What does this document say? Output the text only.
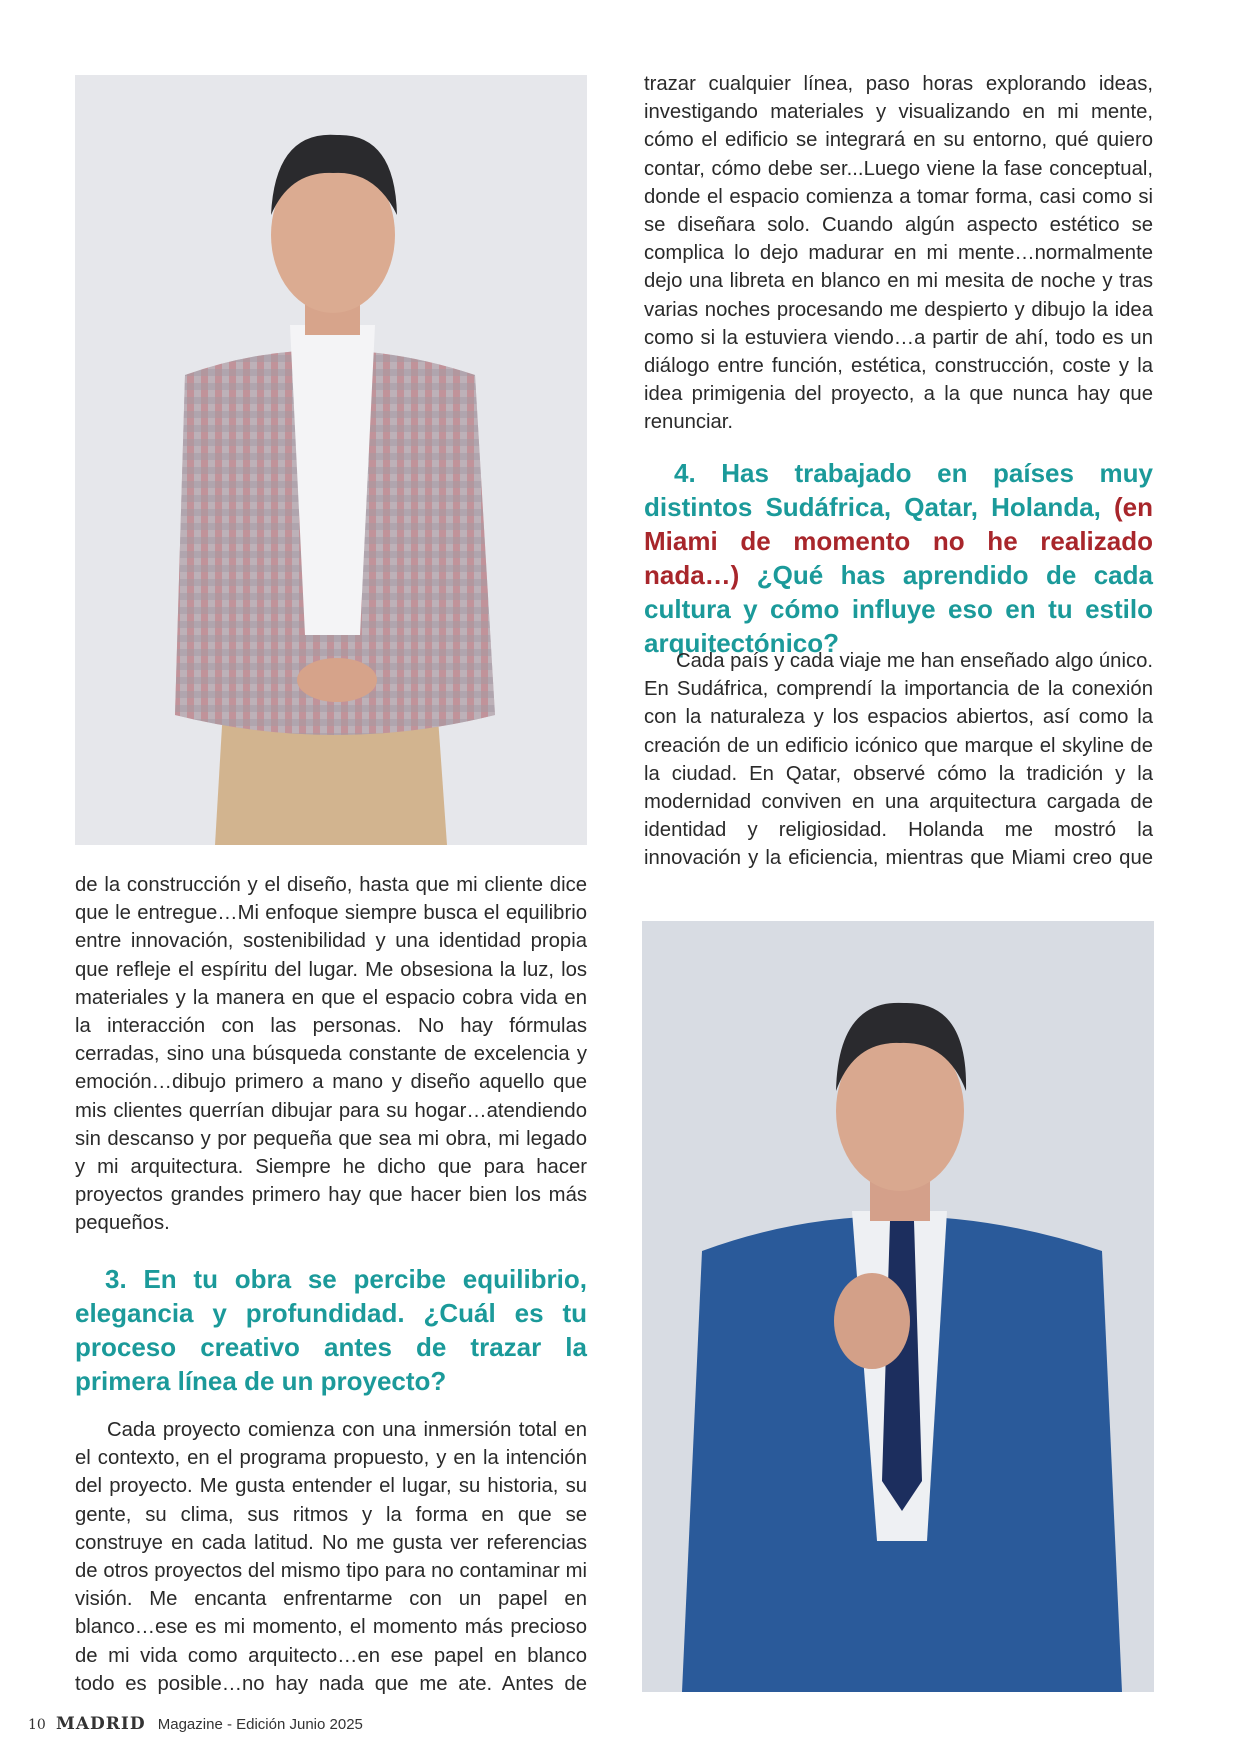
trazar cualquier línea, paso horas explorando ideas, investigando materiales y visualizando en mi mente, cómo el edificio se integrará en su entorno, qué quiero contar, cómo debe ser...Luego viene la fase conceptual, donde el espacio comienza a tomar forma, casi como si se diseñara solo. Cuando algún aspecto estético se complica lo dejo madurar en mi mente…normalmente dejo una libreta en blanco en mi mesita de noche y tras varias noches procesando me despierto y dibujo la idea como si la estuviera viendo…a partir de ahí, todo es un diálogo entre función, estética, construcción, coste y la idea primigenia del proyecto, a la que nunca hay que renunciar.

4. Has trabajado en países muy distintos Sudáfrica, Qatar, Holanda, (en Miami de momento no he realizado nada…) ¿Qué has aprendido de cada cultura y cómo influye eso en tu estilo arquitectónico?

Cada país y cada viaje me han enseñado algo único. En Sudáfrica, comprendí la importancia de la conexión con la naturaleza y los espacios abiertos, así como la creación de un edificio icónico que marque el skyline de la ciudad. En Qatar, observé cómo la tradición y la modernidad conviven en una arquitectura cargada de identidad y religiosidad. Holanda me mostró la innovación y la eficiencia, mientras que Miami creo que

de la construcción y el diseño, hasta que mi cliente dice que le entregue…Mi enfoque siempre busca el equilibrio entre innovación, sostenibilidad y una identidad propia que refleje el espíritu del lugar. Me obsesiona la luz, los materiales y la manera en que el espacio cobra vida en la interacción con las personas. No hay fórmulas cerradas, sino una búsqueda constante de excelencia y emoción…dibujo primero a mano y diseño aquello que mis clientes querrían dibujar para su hogar…atendiendo sin descanso y por pequeña que sea mi obra, mi legado y mi arquitectura. Siempre he dicho que para hacer proyectos grandes primero hay que hacer bien los más pequeños.

3. En tu obra se percibe equilibrio, elegancia y profundidad. ¿Cuál es tu proceso creativo antes de trazar la primera línea de un proyecto?

Cada proyecto comienza con una inmersión total en el contexto, en el programa propuesto, y en la intención del proyecto. Me gusta entender el lugar, su historia, su gente, su clima, sus ritmos y la forma en que se construye en cada latitud. No me gusta ver referencias de otros proyectos del mismo tipo para no contaminar mi visión. Me encanta enfrentarme con un papel en blanco…ese es mi momento, el momento más precioso de mi vida como arquitecto…en ese papel en blanco todo es posible…no hay nada que me ate. Antes de

10 MADRID Magazine - Edición Junio 2025
